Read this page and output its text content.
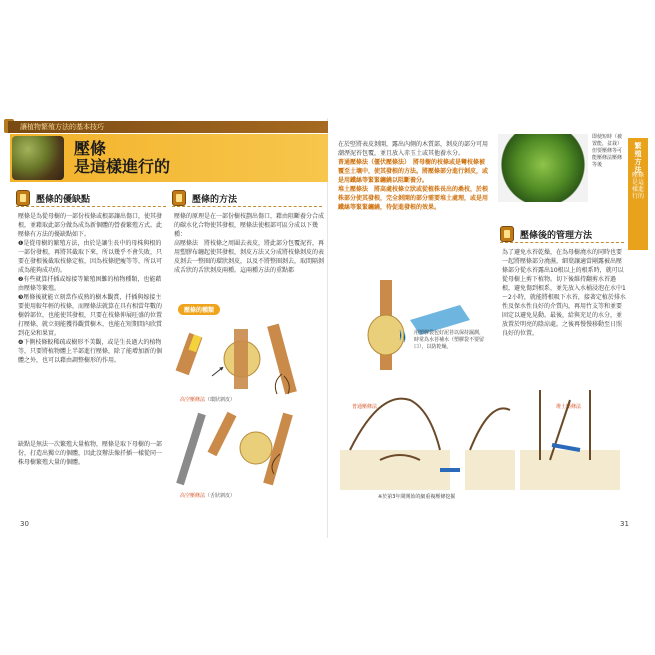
讓植物繁殖方法的基本技巧
壓條
是這樣進行的
壓條的優缺點

壓條是為從母樹的一部份枝條或根部讓出傷口，使其發根，並藉取此部分做為成為新個體的營養繁殖方式。此壓條有方法的優缺點如下。

❶是從母樹的繁殖方法，由於是讓生長中的母株與根的一部份發根，再將其截取下來，所以幾乎不會失敗，只要在發根後截取枝條定植，因為枝條肥瘦等等，所以可成為能夠成功的。

❷有些就算扦插或嫁接等繁殖困難的植物種類，也能藉由壓條等繁殖。

❸壓條後就能立刻當作成熟的樹木觀賞，扦插與嫁接主要使用較年輕的枝條，而壓條法就算在具有相當年數的樹幹部位，也能使其發根，只要在枝條伸展旺盛的位置打壓條，就立刻能獲得觀賞樹木，也能在短期間內欣賞到花朵和果實。

❹下側枝條較稀疏或樹形不美觀，或是生長過大的植物等，只要將植物體上半部進行壓條，除了能增加新的個體之外，也可以藉由調整樹形的作用。

缺點是無法一次繁殖大量植物，壓條是取下母樹的一部份，打造出獨立的個體，因此沒辦法像扦插一樣從同一株母樹繁殖大量的個體。

壓條的方法

壓條的原理是在一部份樹枝劃出傷口，藉由阻斷養分合成的碳水化合物使其發根，壓條法使根部可區分成以下幾種：

高壓條法　將枝條之周圍去表皮，將此部分包覆泥苔，再用塑膠布纏起使其發根，剝皮方法又分成將枝條剝皮的表皮剝去一整圈的環狀剝皮，以及不將整圈剝去，取間隔剝成舌狀的舌狀剝皮兩種。這兩種方法的重點都

壓條的種類
高空壓條法（環狀剝皮）
高空壓條法（舌狀剝皮）
30

在於堅將表皮剝開，露出內側的木質部，剝皮的部分可用潮溼泥苔包覆，並且放入赤玉土或其他養水分。

普通壓條法（偃伏壓條法）　將母樹的枝條或是彎枝條被覆至土壤中，使其發根的方法。將壓條部分進行剝皮，或是用鐵絲等緊緊纏繞以阻斷養分。

堆土壓條法　將高處枝條立狀或從植株長出的桑枝，於根株部分使其發根，完全剝開的部分需要堆土處理，或是用鐵絲等緊緊纏繞，待促進發根的效果。

即使短時（被置能，盆栽）但要壓條等可能壓條法壓條等後
繁殖方法
壓條是這樣進行的
用塑膠袋包好泥苔以保持濕潤，時常為水苔補水（塑膠袋不要留口），以防乾燥。
壓條後的管理方法

為了避免水苔乾燥，在為母樹澆水的同時也要一起將壓條部分澆濕，細葉讓適當剛露被出壓條部分從水苔露出10根以上的根系時，就可以從母樹上剪下植物。切下後維持翻剪水苔過根，避免傷到根系，並先放入水桶浸泡在水中1～2小時，就能將根吸下水苔，接著定植於排水性及保水性良好的介質內，再用竹支等和並要固定以避免晃動。最後，給與充足的水分，並放置於明亮的陰涼處。之後再慢慢移動至日照良好的位置。

普通壓條法	堆土壓條法
※於第3年間開始的細重複壓條挖掘
31
